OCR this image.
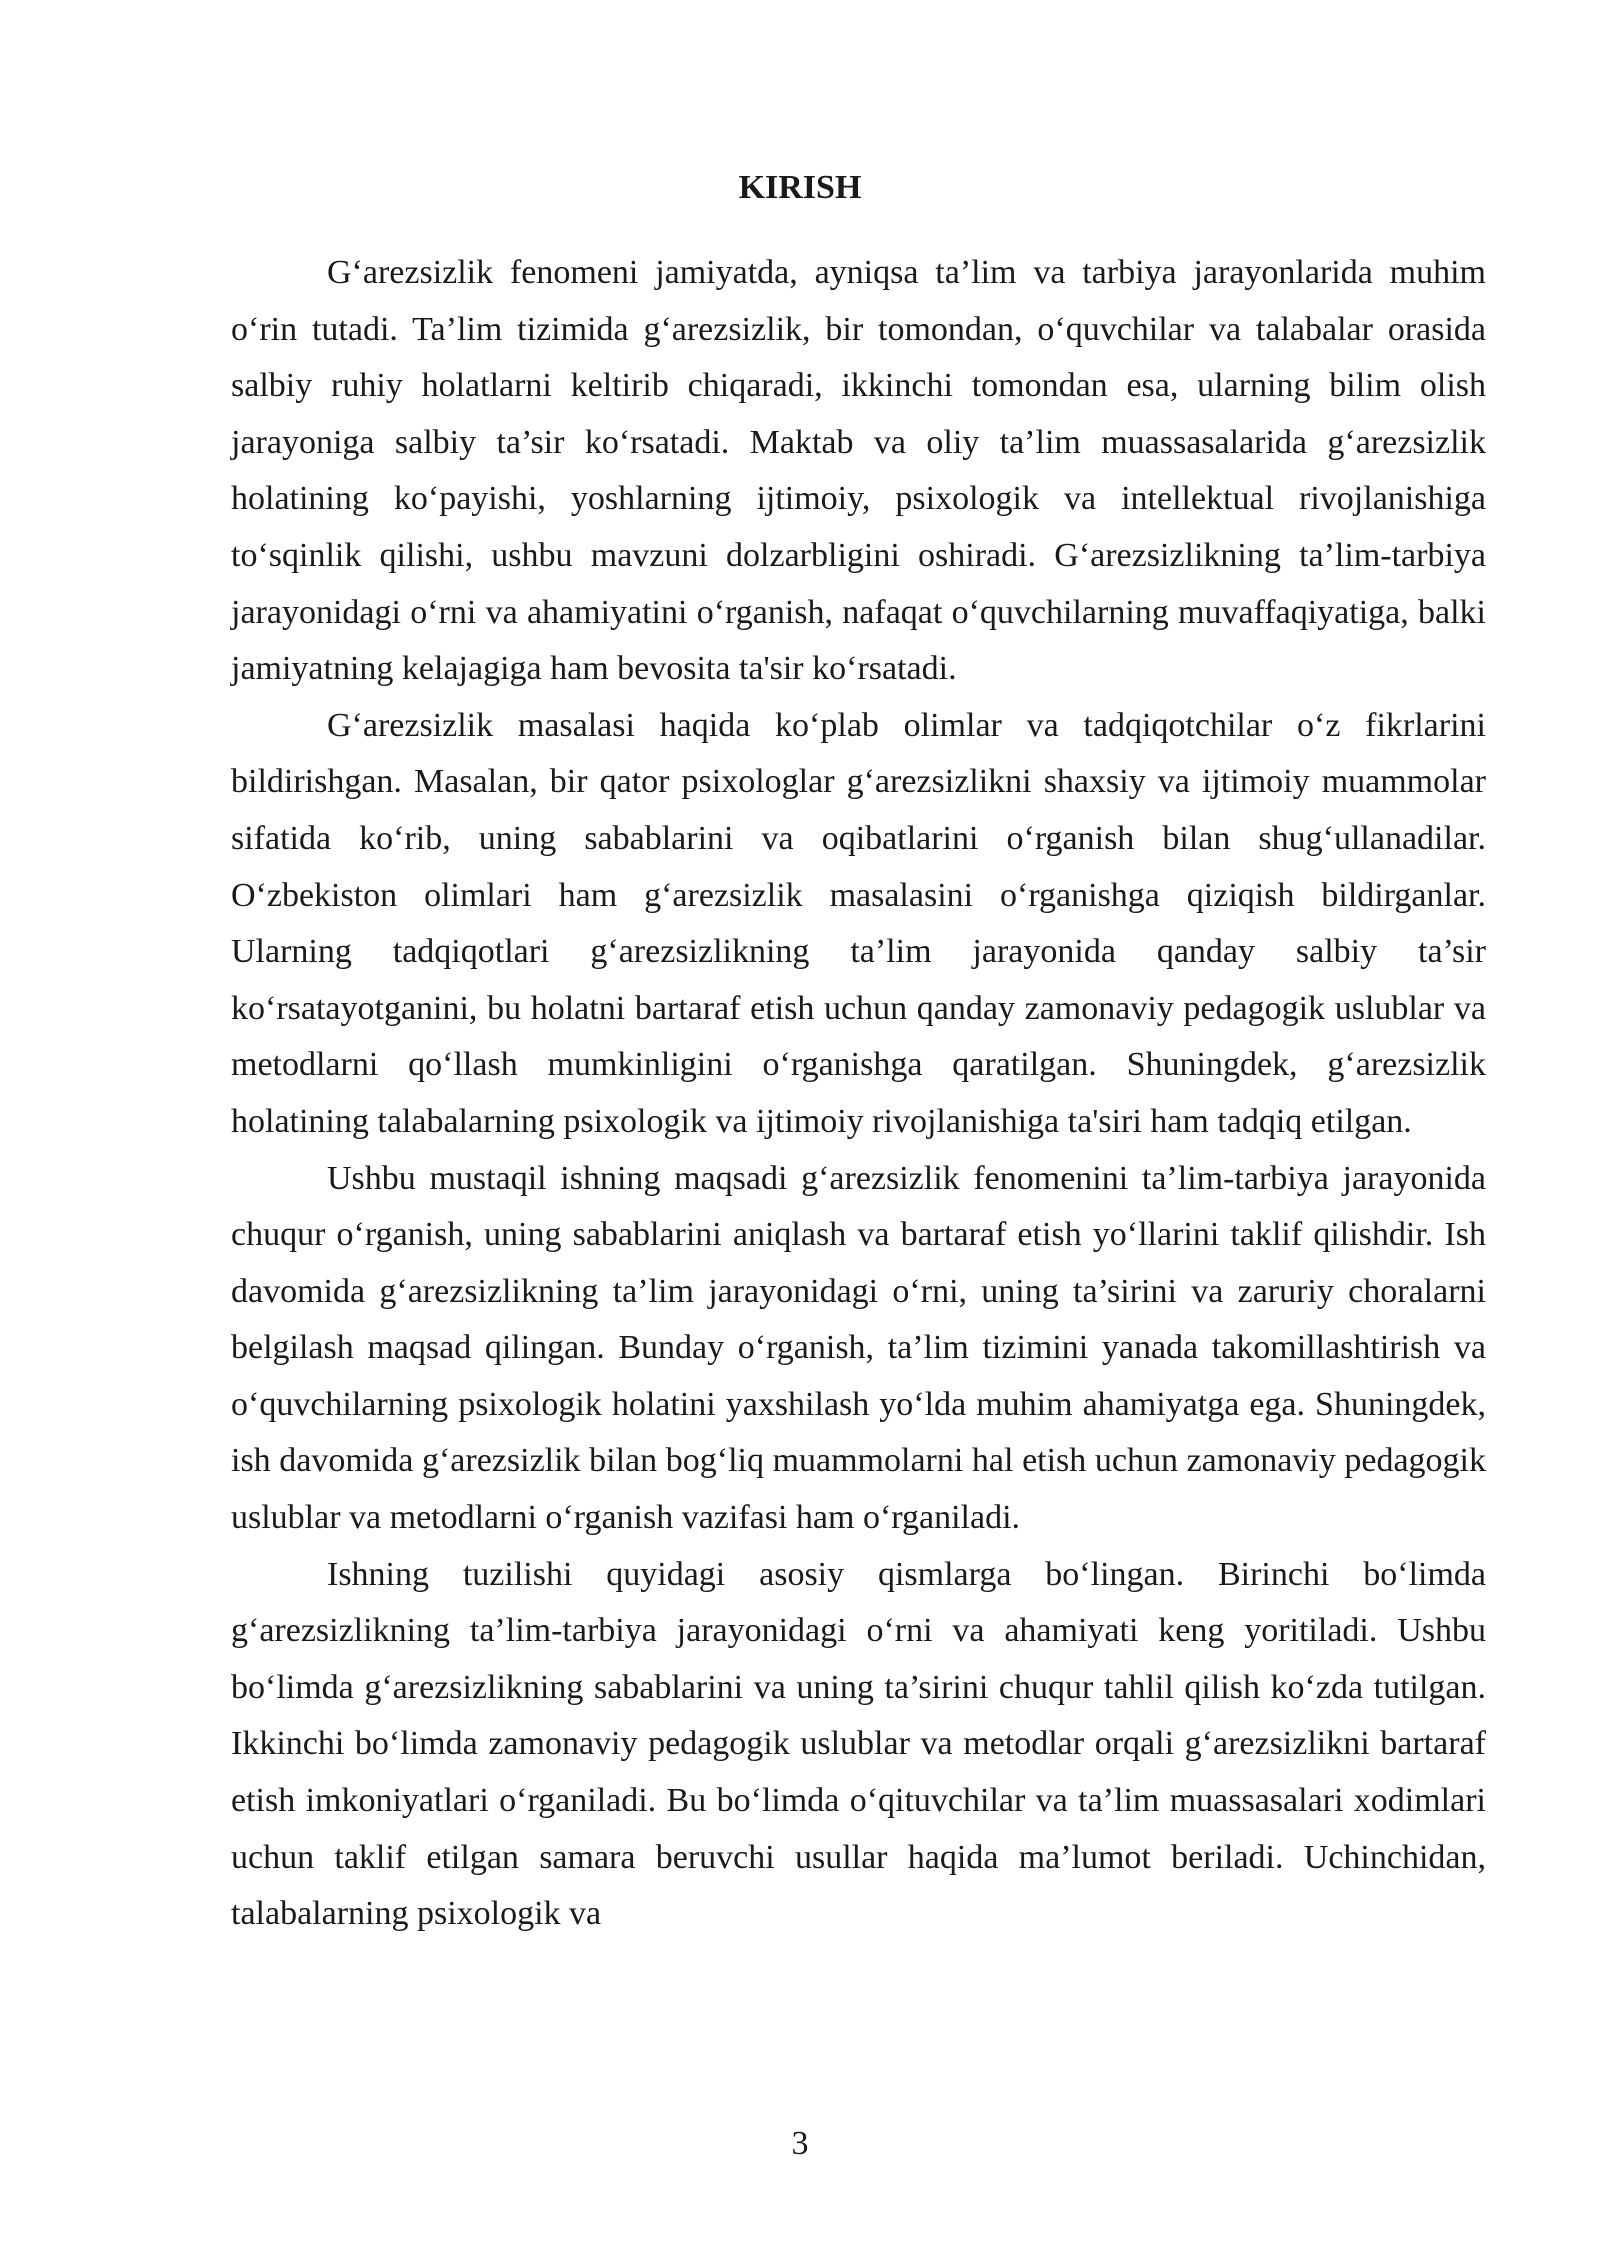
KIRISH

G‘arezsizlik fenomeni jamiyatda, ayniqsa ta’lim va tarbiya jarayonlarida muhim o‘rin tutadi. Ta’lim tizimida g‘arezsizlik, bir tomondan, o‘quvchilar va talabalar orasida salbiy ruhiy holatlarni keltirib chiqaradi, ikkinchi tomondan esa, ularning bilim olish jarayoniga salbiy ta’sir ko‘rsatadi. Maktab va oliy ta’lim muassasalarida g‘arezsizlik holatining ko‘payishi, yoshlarning ijtimoiy, psixologik va intellektual rivojlanishiga to‘sqinlik qilishi, ushbu mavzuni dolzarbligini oshiradi. G‘arezsizlikning ta’lim-tarbiya jarayonidagi o‘rni va ahamiyatini o‘rganish, nafaqat o‘quvchilarning muvaffaqiyatiga, balki jamiyatning kelajagiga ham bevosita ta'sir ko‘rsatadi.

G‘arezsizlik masalasi haqida ko‘plab olimlar va tadqiqotchilar o‘z fikrlarini bildirishgan. Masalan, bir qator psixologlar g‘arezsizlikni shaxsiy va ijtimoiy muammolar sifatida ko‘rib, uning sabablarini va oqibatlarini o‘rganish bilan shug‘ullanadilar. O‘zbekiston olimlari ham g‘arezsizlik masalasini o‘rganishga qiziqish bildirganlar. Ularning tadqiqotlari g‘arezsizlikning ta’lim jarayonida qanday salbiy ta’sir ko‘rsatayotganini, bu holatni bartaraf etish uchun qanday zamonaviy pedagogik uslublar va metodlarni qo‘llash mumkinligini o‘rganishga qaratilgan. Shuningdek, g‘arezsizlik holatining talabalarning psixologik va ijtimoiy rivojlanishiga ta'siri ham tadqiq etilgan.

Ushbu mustaqil ishning maqsadi g‘arezsizlik fenomenini ta’lim-tarbiya jarayonida chuqur o‘rganish, uning sabablarini aniqlash va bartaraf etish yo‘llarini taklif qilishdir. Ish davomida g‘arezsizlikning ta’lim jarayonidagi o‘rni, uning ta’sirini va zaruriy choralarni belgilash maqsad qilingan. Bunday o‘rganish, ta’lim tizimini yanada takomillashtirish va o‘quvchilarning psixologik holatini yaxshilash yo‘lda muhim ahamiyatga ega. Shuningdek, ish davomida g‘arezsizlik bilan bog‘liq muammolarni hal etish uchun zamonaviy pedagogik uslublar va metodlarni o‘rganish vazifasi ham o‘rganiladi.

Ishning tuzilishi quyidagi asosiy qismlarga bo‘lingan. Birinchi bo‘limda g‘arezsizlikning ta’lim-tarbiya jarayonidagi o‘rni va ahamiyati keng yoritiladi. Ushbu bo‘limda g‘arezsizlikning sabablarini va uning ta’sirini chuqur tahlil qilish ko‘zda tutilgan. Ikkinchi bo‘limda zamonaviy pedagogik uslublar va metodlar orqali g‘arezsizlikni bartaraf etish imkoniyatlari o‘rganiladi. Bu bo‘limda o‘qituvchilar va ta’lim muassasalari xodimlari uchun taklif etilgan samara beruvchi usullar haqida ma’lumot beriladi. Uchinchidan, talabalarning psixologik va

3
